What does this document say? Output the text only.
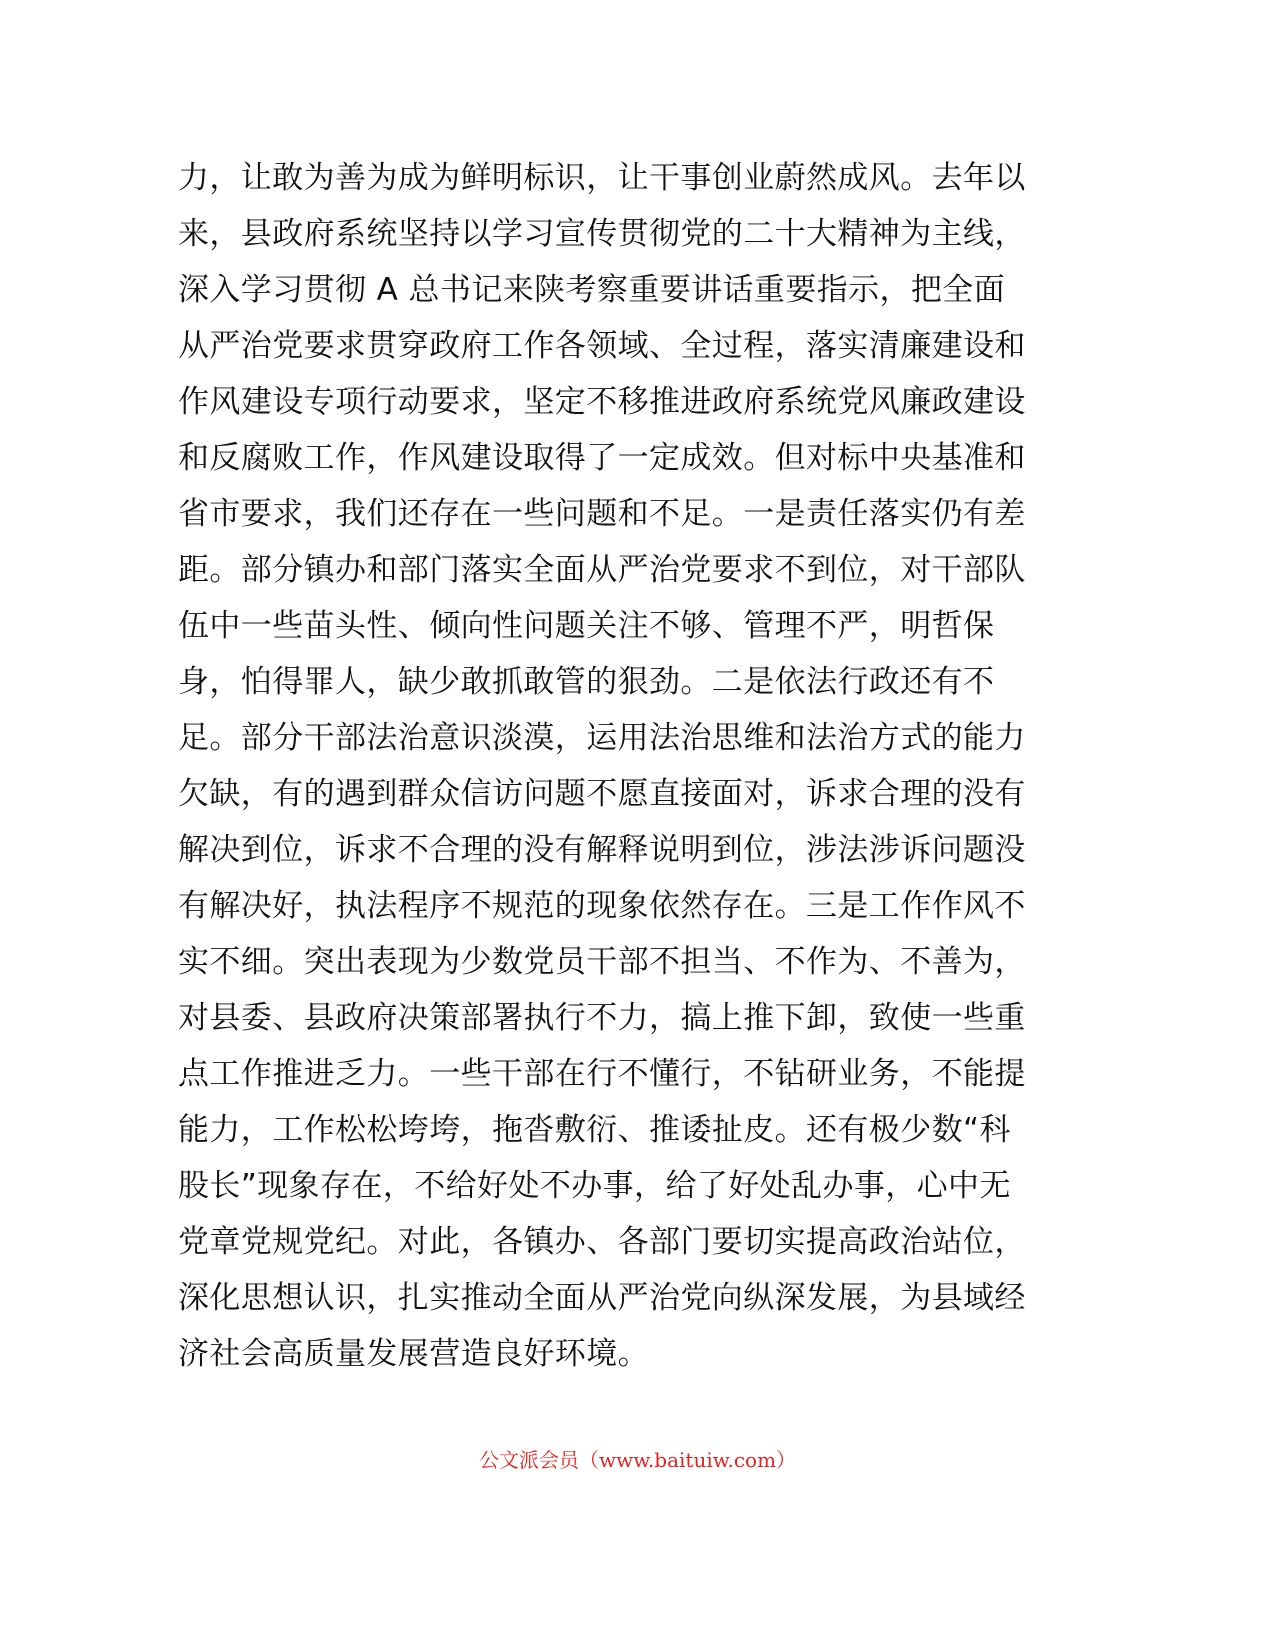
力，让敢为善为成为鲜明标识，让干事创业蔚然成风。去年以
来，县政府系统坚持以学习宣传贯彻党的二十大精神为主线，
深入学习贯彻 A 总书记来陕考察重要讲话重要指示，把全面
从严治党要求贯穿政府工作各领域、全过程，落实清廉建设和
作风建设专项行动要求，坚定不移推进政府系统党风廉政建设
和反腐败工作，作风建设取得了一定成效。但对标中央基准和
省市要求，我们还存在一些问题和不足。一是责任落实仍有差
距。部分镇办和部门落实全面从严治党要求不到位，对干部队
伍中一些苗头性、倾向性问题关注不够、管理不严，明哲保
身，怕得罪人，缺少敢抓敢管的狠劲。二是依法行政还有不
足。部分干部法治意识淡漠，运用法治思维和法治方式的能力
欠缺，有的遇到群众信访问题不愿直接面对，诉求合理的没有
解决到位，诉求不合理的没有解释说明到位，涉法涉诉问题没
有解决好，执法程序不规范的现象依然存在。三是工作作风不
实不细。突出表现为少数党员干部不担当、不作为、不善为，
对县委、县政府决策部署执行不力，搞上推下卸，致使一些重
点工作推进乏力。一些干部在行不懂行，不钻研业务，不能提
能力，工作松松垮垮，拖沓敷衍、推诿扯皮。还有极少数“科
股长”现象存在，不给好处不办事，给了好处乱办事，心中无
党章党规党纪。对此，各镇办、各部门要切实提高政治站位，
深化思想认识，扎实推动全面从严治党向纵深发展，为县域经
济社会高质量发展营造良好环境。
公文派会员（www.baituiw.com）
